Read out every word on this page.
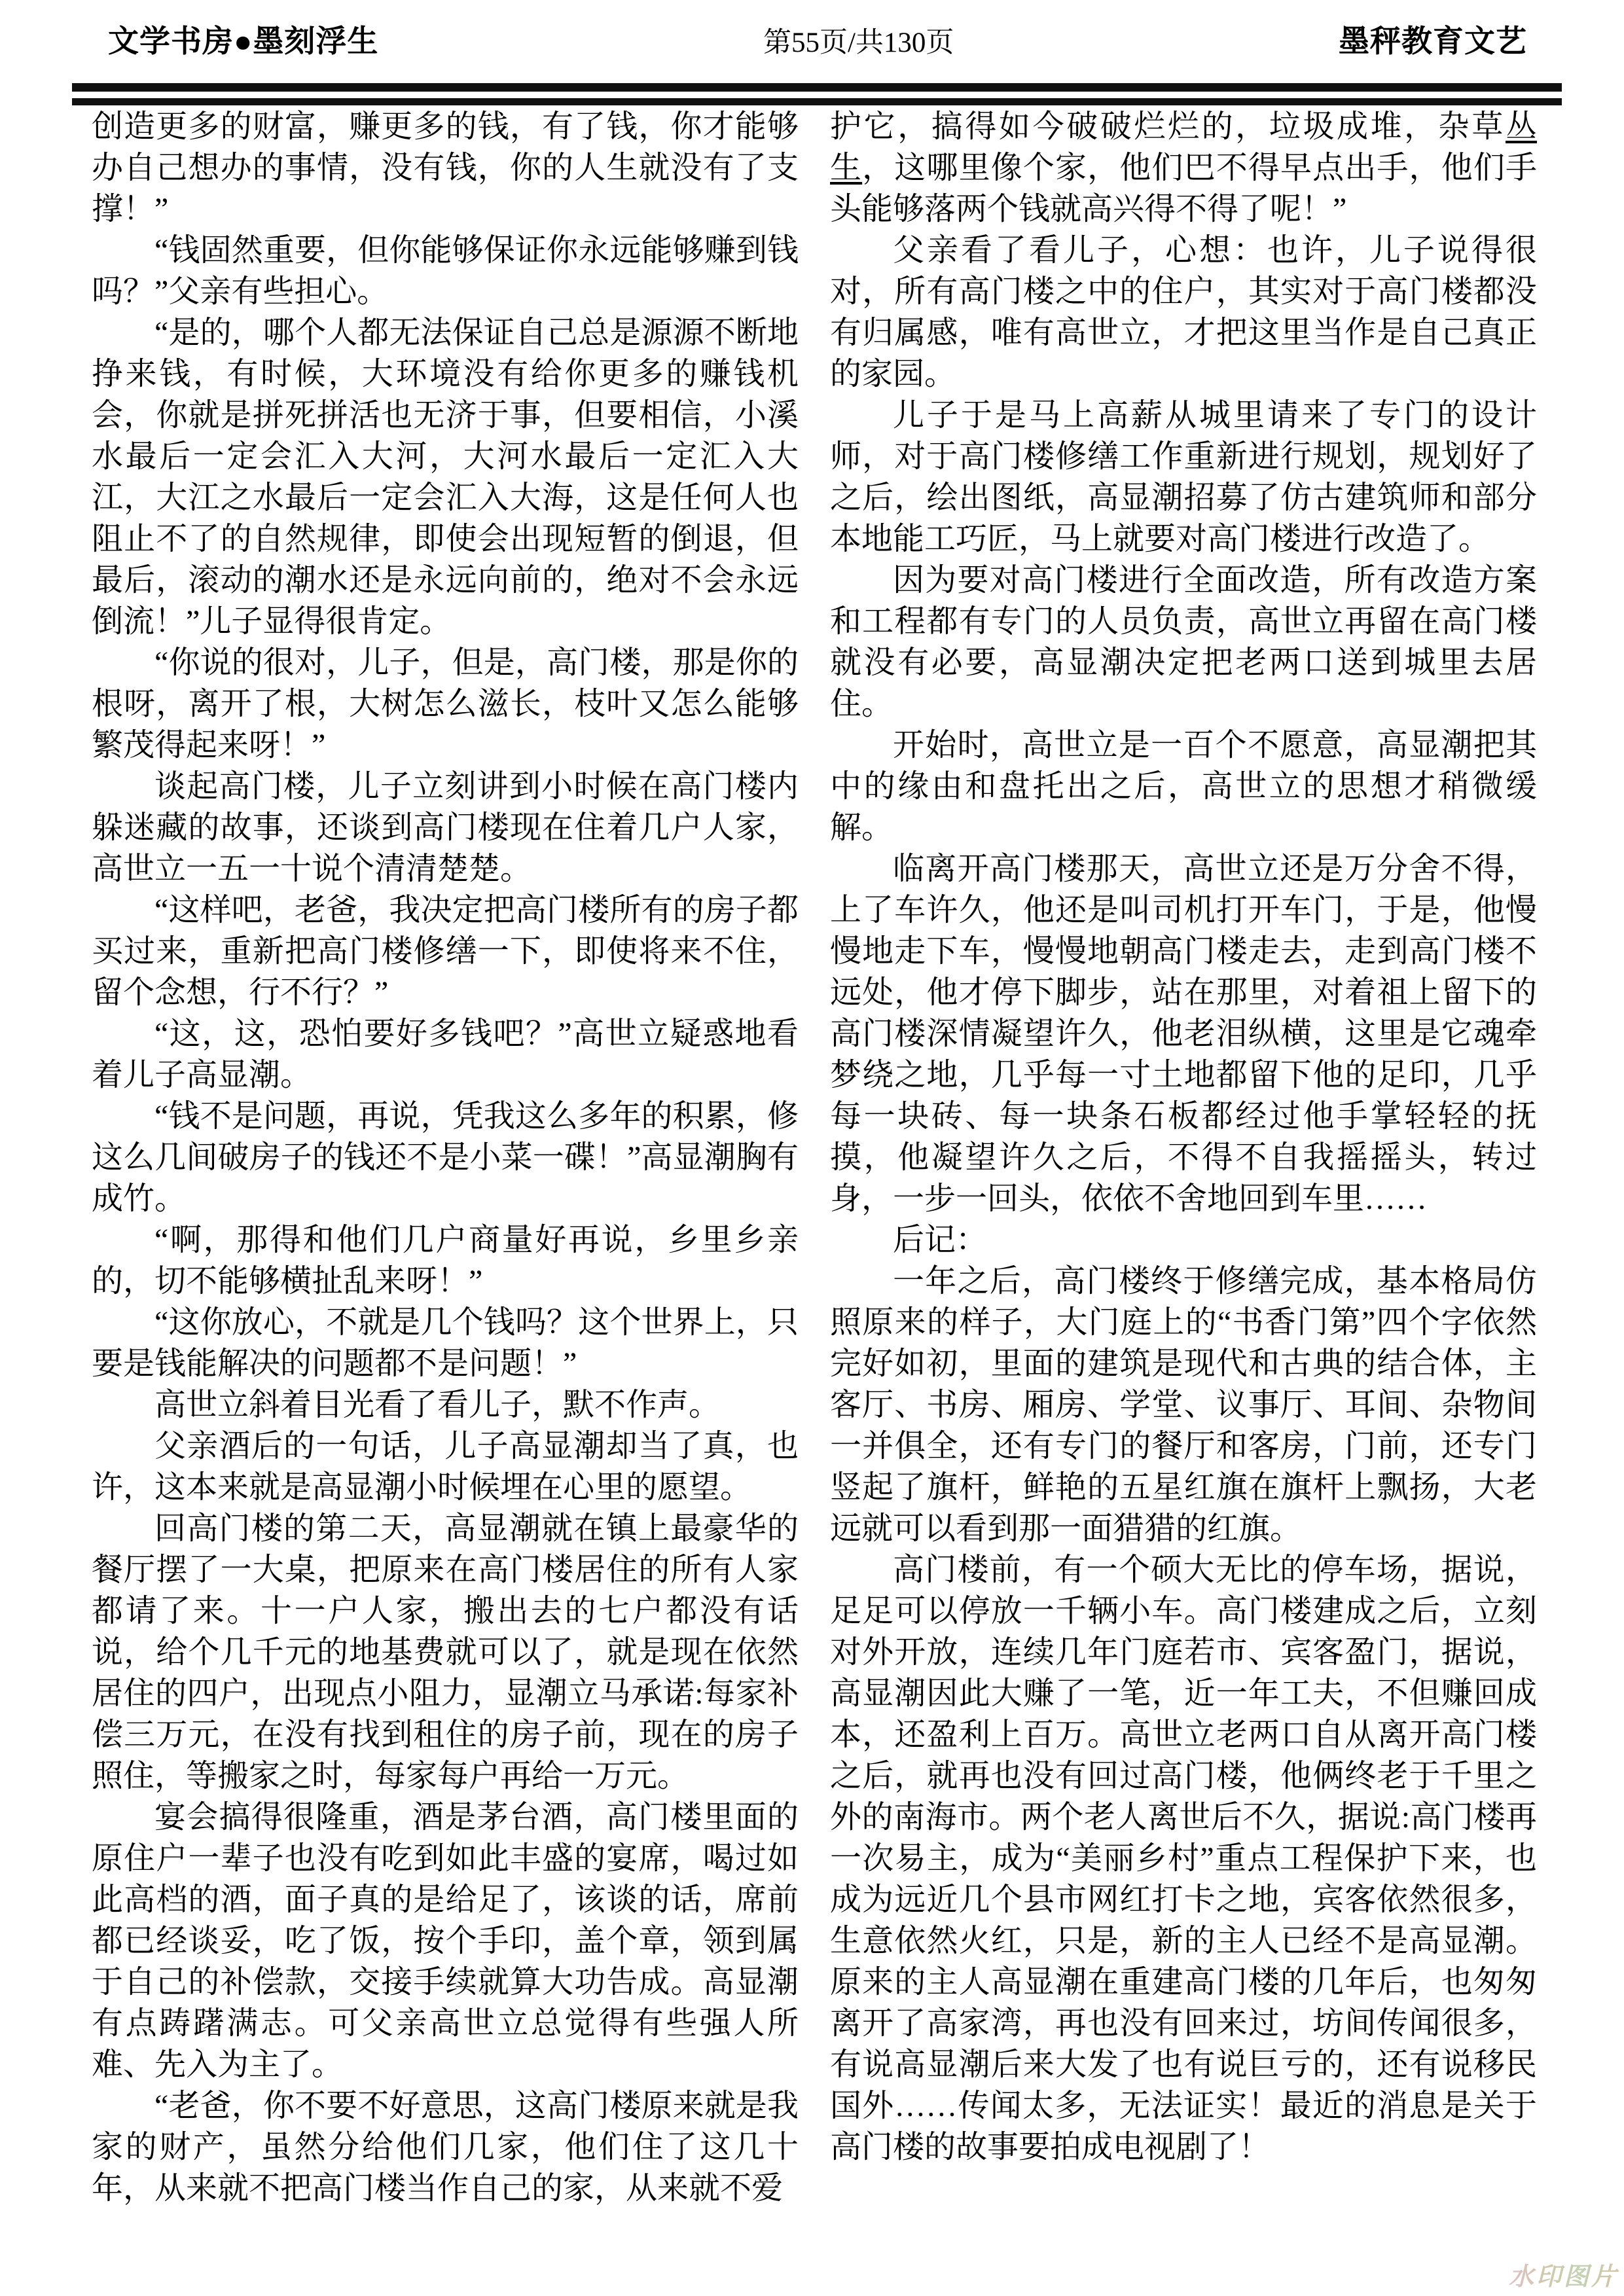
文学书房●墨刻浮生	第55页/共130页	墨秤教育文艺

创造更多的财富，赚更多的钱，有了钱，你才能够办自己想办的事情，没有钱，你的人生就没有了支撑！”

“钱固然重要，但你能够保证你永远能够赚到钱吗？”父亲有些担心。

“是的，哪个人都无法保证自己总是源源不断地挣来钱，有时候，大环境没有给你更多的赚钱机会，你就是拼死拼活也无济于事，但要相信，小溪水最后一定会汇入大河，大河水最后一定汇入大江，大江之水最后一定会汇入大海，这是任何人也阻止不了的自然规律，即使会出现短暂的倒退，但最后，滚动的潮水还是永远向前的，绝对不会永远倒流！”儿子显得很肯定。

“你说的很对，儿子，但是，高门楼，那是你的根呀，离开了根，大树怎么滋长，枝叶又怎么能够繁茂得起来呀！”

谈起高门楼，儿子立刻讲到小时候在高门楼内躲迷藏的故事，还谈到高门楼现在住着几户人家，高世立一五一十说个清清楚楚。

“这样吧，老爸，我决定把高门楼所有的房子都买过来，重新把高门楼修缮一下，即使将来不住，留个念想，行不行？”

“这，这，恐怕要好多钱吧？”高世立疑惑地看着儿子高显潮。

“钱不是问题，再说，凭我这么多年的积累，修这么几间破房子的钱还不是小菜一碟！”高显潮胸有成竹。

“啊，那得和他们几户商量好再说，乡里乡亲的，切不能够横扯乱来呀！”

“这你放心，不就是几个钱吗？这个世界上，只要是钱能解决的问题都不是问题！”

高世立斜着目光看了看儿子，默不作声。

父亲酒后的一句话，儿子高显潮却当了真，也许，这本来就是高显潮小时候埋在心里的愿望。

回高门楼的第二天，高显潮就在镇上最豪华的餐厅摆了一大桌，把原来在高门楼居住的所有人家都请了来。十一户人家，搬出去的七户都没有话说，给个几千元的地基费就可以了，就是现在依然居住的四户，出现点小阻力，显潮立马承诺:每家补偿三万元，在没有找到租住的房子前，现在的房子照住，等搬家之时，每家每户再给一万元。

宴会搞得很隆重，酒是茅台酒，高门楼里面的原住户一辈子也没有吃到如此丰盛的宴席，喝过如此高档的酒，面子真的是给足了，该谈的话，席前都已经谈妥，吃了饭，按个手印，盖个章，领到属于自己的补偿款，交接手续就算大功告成。高显潮有点踌躇满志。可父亲高世立总觉得有些强人所难、先入为主了。

“老爸，你不要不好意思，这高门楼原来就是我家的财产，虽然分给他们几家，他们住了这几十年，从来就不把高门楼当作自己的家，从来就不爱

护它，搞得如今破破烂烂的，垃圾成堆，杂草丛生，这哪里像个家，他们巴不得早点出手，他们手头能够落两个钱就高兴得不得了呢！”

父亲看了看儿子，心想：也许，儿子说得很对，所有高门楼之中的住户，其实对于高门楼都没有归属感，唯有高世立，才把这里当作是自己真正的家园。

儿子于是马上高薪从城里请来了专门的设计师，对于高门楼修缮工作重新进行规划，规划好了之后，绘出图纸，高显潮招募了仿古建筑师和部分本地能工巧匠，马上就要对高门楼进行改造了。

因为要对高门楼进行全面改造，所有改造方案和工程都有专门的人员负责，高世立再留在高门楼就没有必要，高显潮决定把老两口送到城里去居住。

开始时，高世立是一百个不愿意，高显潮把其中的缘由和盘托出之后，高世立的思想才稍微缓解。

临离开高门楼那天，高世立还是万分舍不得，上了车许久，他还是叫司机打开车门，于是，他慢慢地走下车，慢慢地朝高门楼走去，走到高门楼不远处，他才停下脚步，站在那里，对着祖上留下的高门楼深情凝望许久，他老泪纵横，这里是它魂牵梦绕之地，几乎每一寸土地都留下他的足印，几乎每一块砖、每一块条石板都经过他手掌轻轻的抚摸，他凝望许久之后，不得不自我摇摇头，转过身，一步一回头，依依不舍地回到车里……

后记：

一年之后，高门楼终于修缮完成，基本格局仿照原来的样子，大门庭上的“书香门第”四个字依然完好如初，里面的建筑是现代和古典的结合体，主客厅、书房、厢房、学堂、议事厅、耳间、杂物间一并俱全，还有专门的餐厅和客房，门前，还专门竖起了旗杆，鲜艳的五星红旗在旗杆上飘扬，大老远就可以看到那一面猎猎的红旗。

高门楼前，有一个硕大无比的停车场，据说，足足可以停放一千辆小车。高门楼建成之后，立刻对外开放，连续几年门庭若市、宾客盈门，据说，高显潮因此大赚了一笔，近一年工夫，不但赚回成本，还盈利上百万。高世立老两口自从离开高门楼之后，就再也没有回过高门楼，他俩终老于千里之外的南海市。两个老人离世后不久，据说:高门楼再一次易主，成为“美丽乡村”重点工程保护下来，也成为远近几个县市网红打卡之地，宾客依然很多，生意依然火红，只是，新的主人已经不是高显潮。原来的主人高显潮在重建高门楼的几年后，也匆匆离开了高家湾，再也没有回来过，坊间传闻很多，有说高显潮后来大发了也有说巨亏的，还有说移民国外……传闻太多，无法证实！最近的消息是关于高门楼的故事要拍成电视剧了！

水印图片
